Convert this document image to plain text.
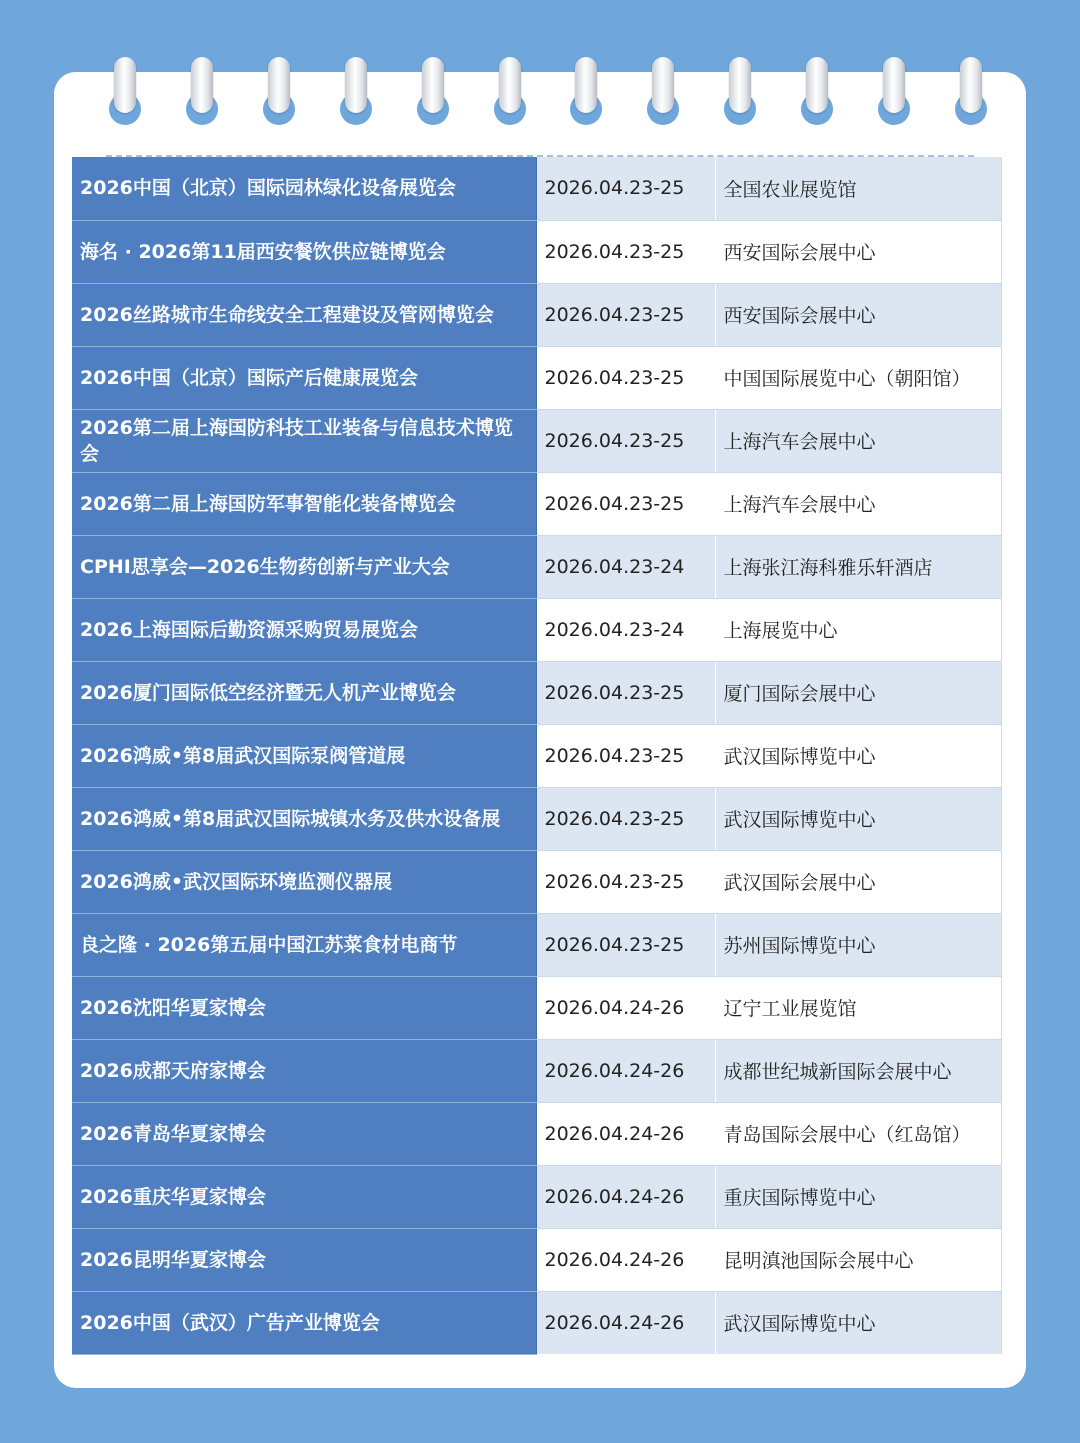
2026中国（北京）国际园林绿化设备展览会	2026.04.23-25	全国农业展览馆
海名 · 2026第11届西安餐饮供应链博览会	2026.04.23-25	西安国际会展中心
2026丝路城市生命线安全工程建设及管网博览会	2026.04.23-25	西安国际会展中心
2026中国（北京）国际产后健康展览会	2026.04.23-25	中国国际展览中心（朝阳馆）
2026第二届上海国防科技工业装备与信息技术博览会	2026.04.23-25	上海汽车会展中心
2026第二届上海国防军事智能化装备博览会	2026.04.23-25	上海汽车会展中心
CPHI思享会—2026生物药创新与产业大会	2026.04.23-24	上海张江海科雅乐轩酒店
2026上海国际后勤资源采购贸易展览会	2026.04.23-24	上海展览中心
2026厦门国际低空经济暨无人机产业博览会	2026.04.23-25	厦门国际会展中心
2026鸿威•第8届武汉国际泵阀管道展	2026.04.23-25	武汉国际博览中心
2026鸿威•第8届武汉国际城镇水务及供水设备展	2026.04.23-25	武汉国际博览中心
2026鸿威•武汉国际环境监测仪器展	2026.04.23-25	武汉国际会展中心
良之隆 · 2026第五届中国江苏菜食材电商节	2026.04.23-25	苏州国际博览中心
2026沈阳华夏家博会	2026.04.24-26	辽宁工业展览馆
2026成都天府家博会	2026.04.24-26	成都世纪城新国际会展中心
2026青岛华夏家博会	2026.04.24-26	青岛国际会展中心（红岛馆）
2026重庆华夏家博会	2026.04.24-26	重庆国际博览中心
2026昆明华夏家博会	2026.04.24-26	昆明滇池国际会展中心
2026中国（武汉）广告产业博览会	2026.04.24-26	武汉国际博览中心
